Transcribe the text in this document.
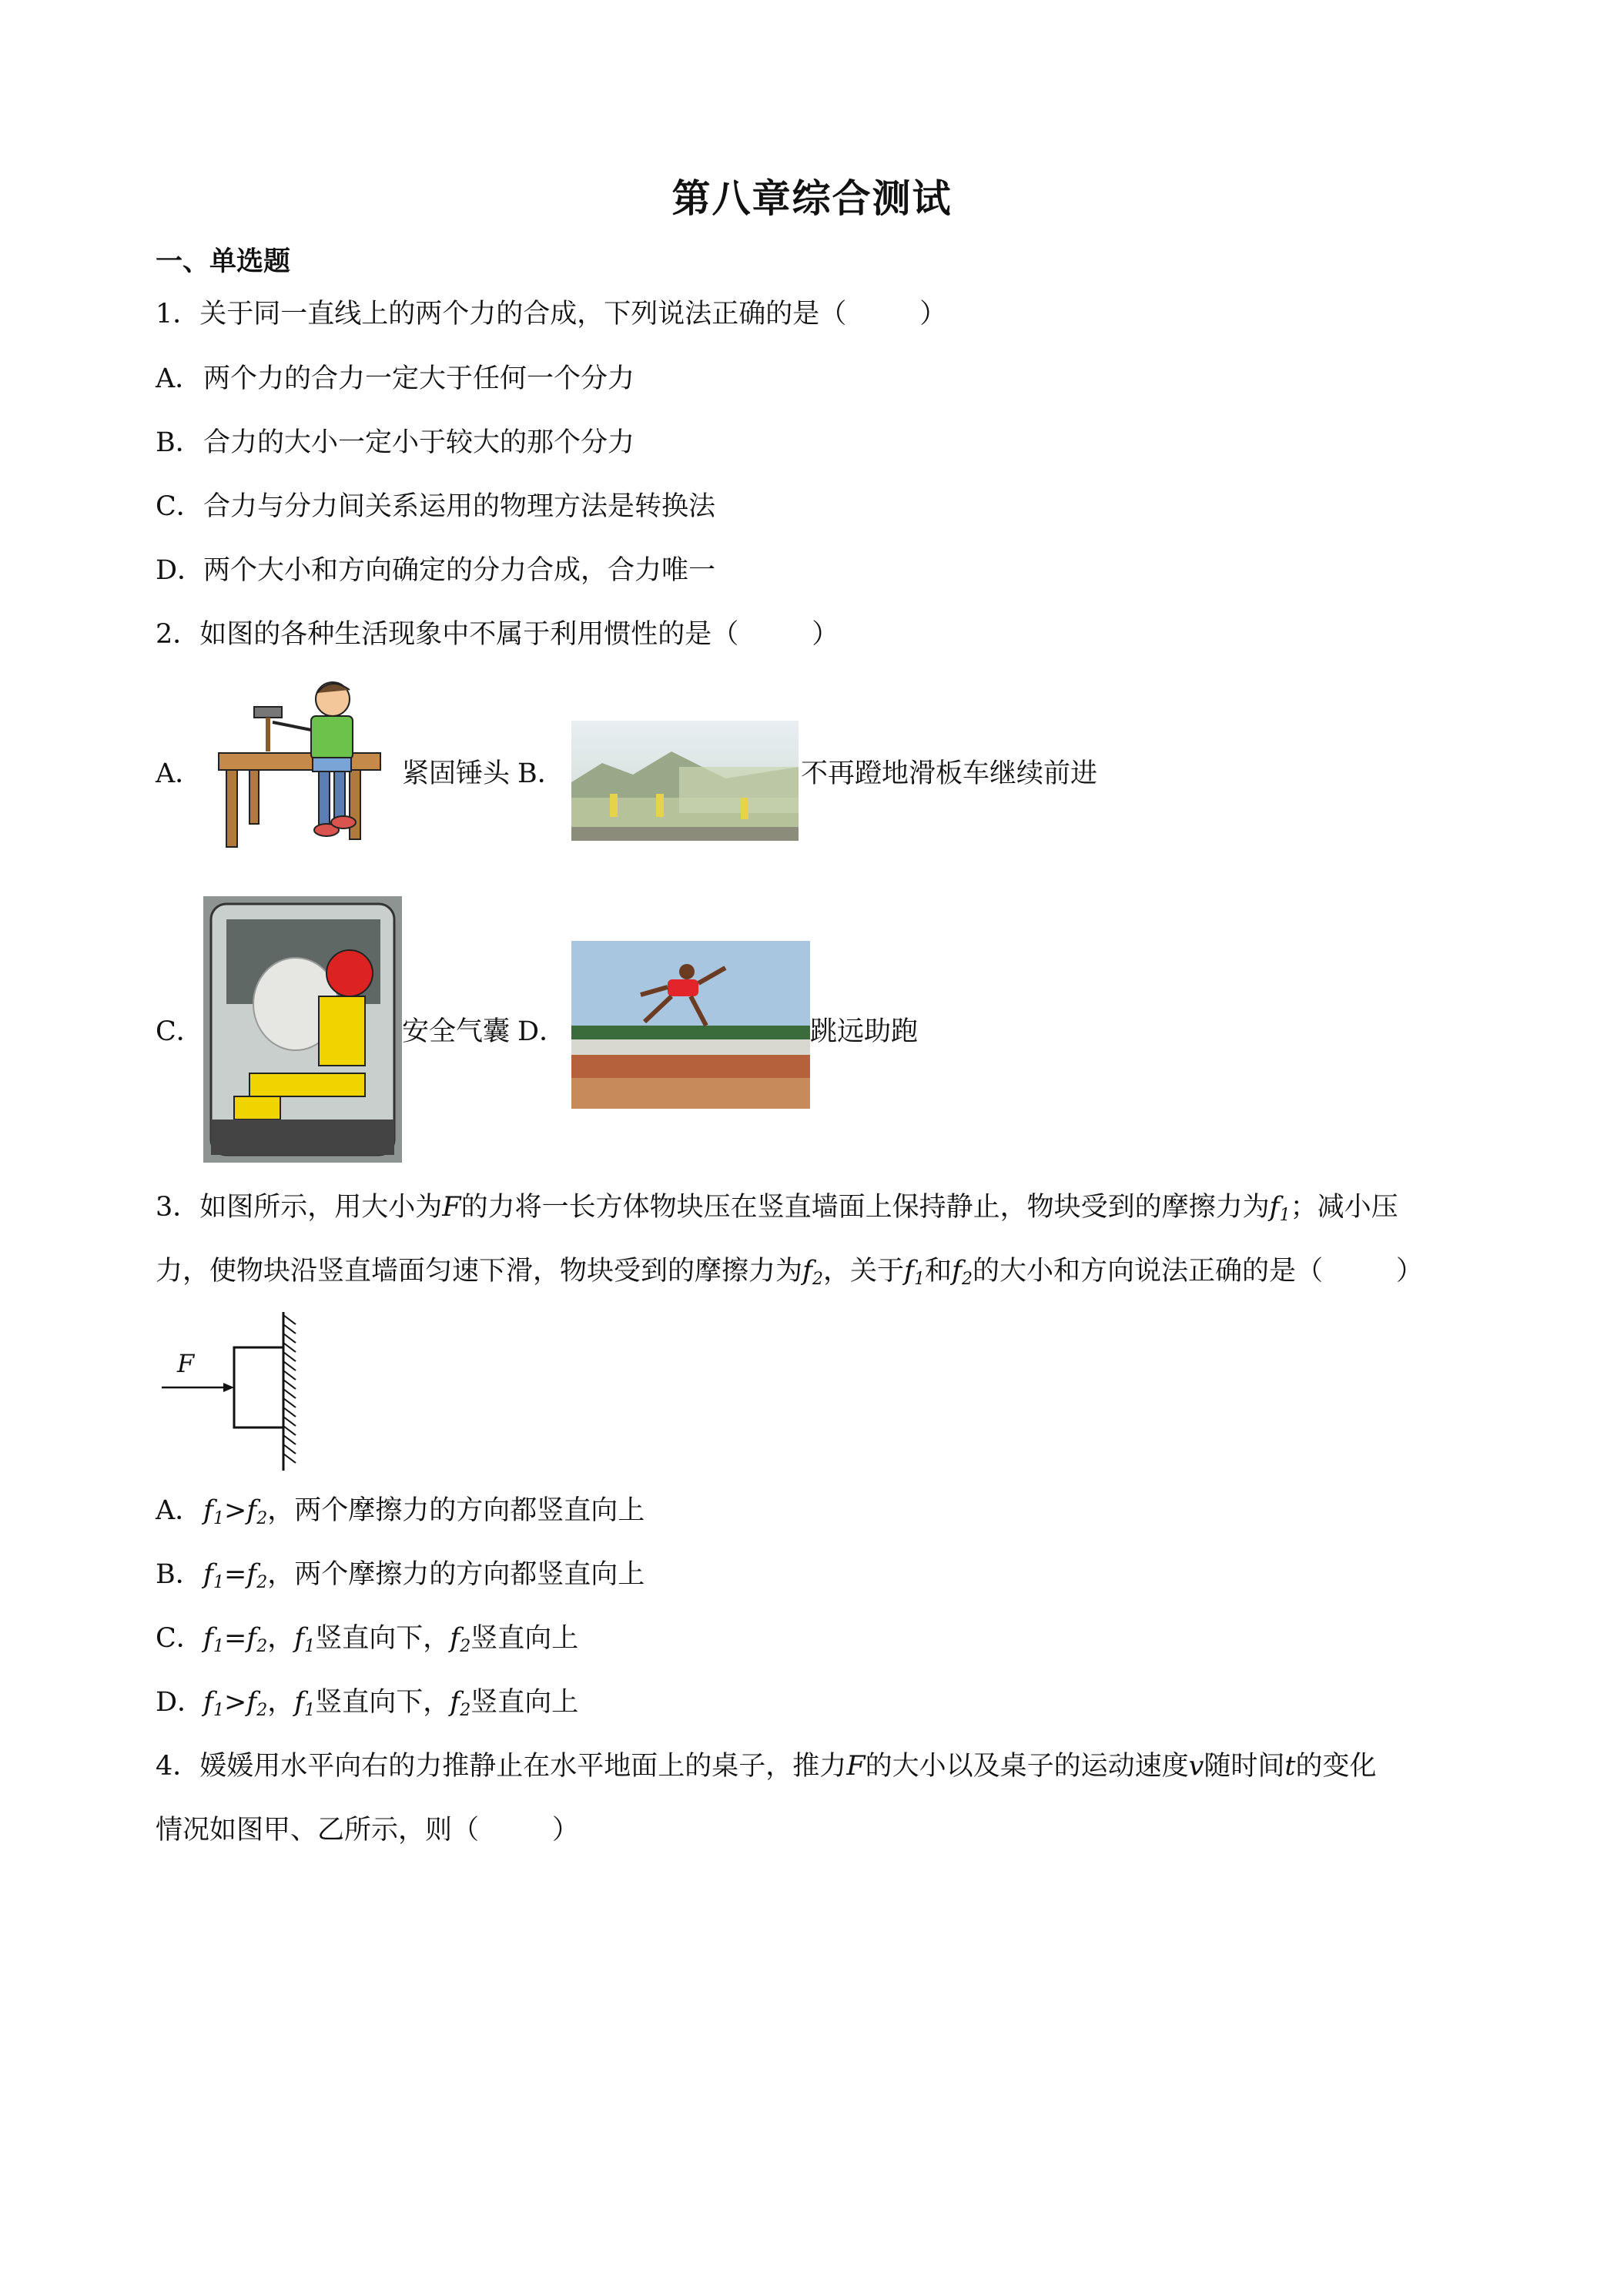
第八章综合测试
一、单选题
1．关于同一直线上的两个力的合成，下列说法正确的是（	）
A．两个力的合力一定大于任何一个分力
B．合力的大小一定小于较大的那个分力
C．合力与分力间关系运用的物理方法是转换法
D．两个大小和方向确定的分力合成，合力唯一
2．如图的各种生活现象中不属于利用惯性的是（	）
A．	紧固锤头 B．	不再蹬地滑板车继续前进
C．	安全气囊 D．	跳远助跑
3．如图所示，用大小为F的力将一长方体物块压在竖直墙面上保持静止，物块受到的摩擦力为$f_1$；减小压
力，使物块沿竖直墙面匀速下滑，物块受到的摩擦力为$f_2$，关于$f_1$和$f_2$的大小和方向说法正确的是（	）
F
A．$f_1>f_2$，两个摩擦力的方向都竖直向上
B．$f_1=f_2$，两个摩擦力的方向都竖直向上
C．$f_1=f_2$，$f_1$竖直向下，$f_2$竖直向上
D．$f_1>f_2$，$f_1$竖直向下，$f_2$竖直向上
4．媛媛用水平向右的力推静止在水平地面上的桌子，推力F的大小以及桌子的运动速度v随时间t的变化
情况如图甲、乙所示，则（	）
